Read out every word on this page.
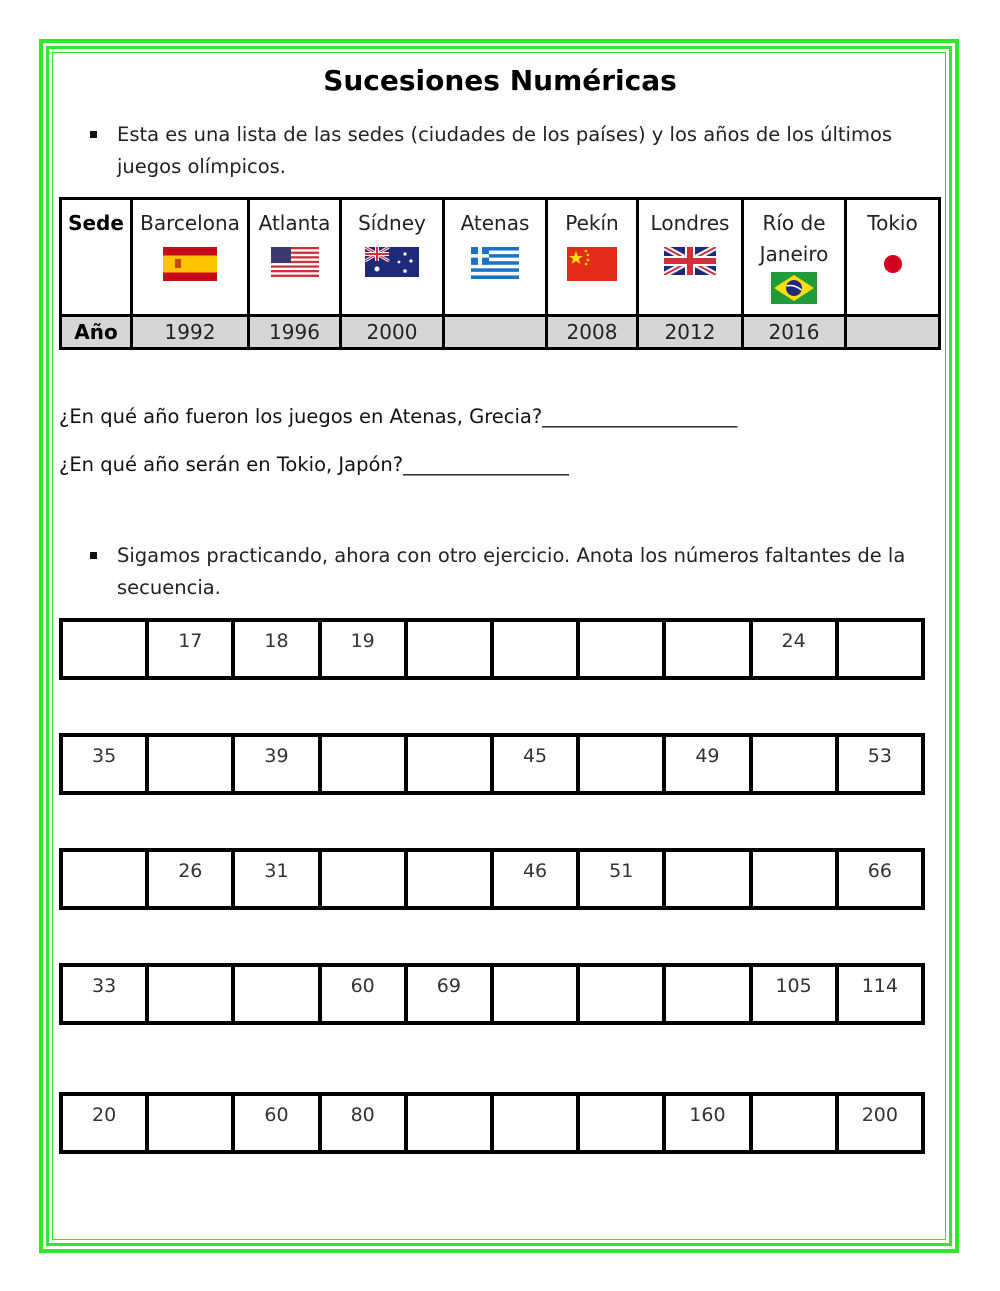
Sucesiones Numéricas
Esta es una lista de las sedes (ciudades de los países) y los años de los últimos juegos olímpicos.
Sede	Barcelona	Atlanta	Sídney	Atenas	Pekín	Londres	Río de Janeiro	Tokio

Año	1992	1996	2000		2008	2012	2016	
¿En qué año fueron los juegos en Atenas, Grecia?____________________
¿En qué año serán en Tokio, Japón?_________________
Sigamos practicando, ahora con otro ejercicio. Anota los números faltantes de la secuencia.
	17	18	19					24	
35		39			45		49		53
	26	31			46	51			66
33			60	69				105	114
20		60	80				160		200
